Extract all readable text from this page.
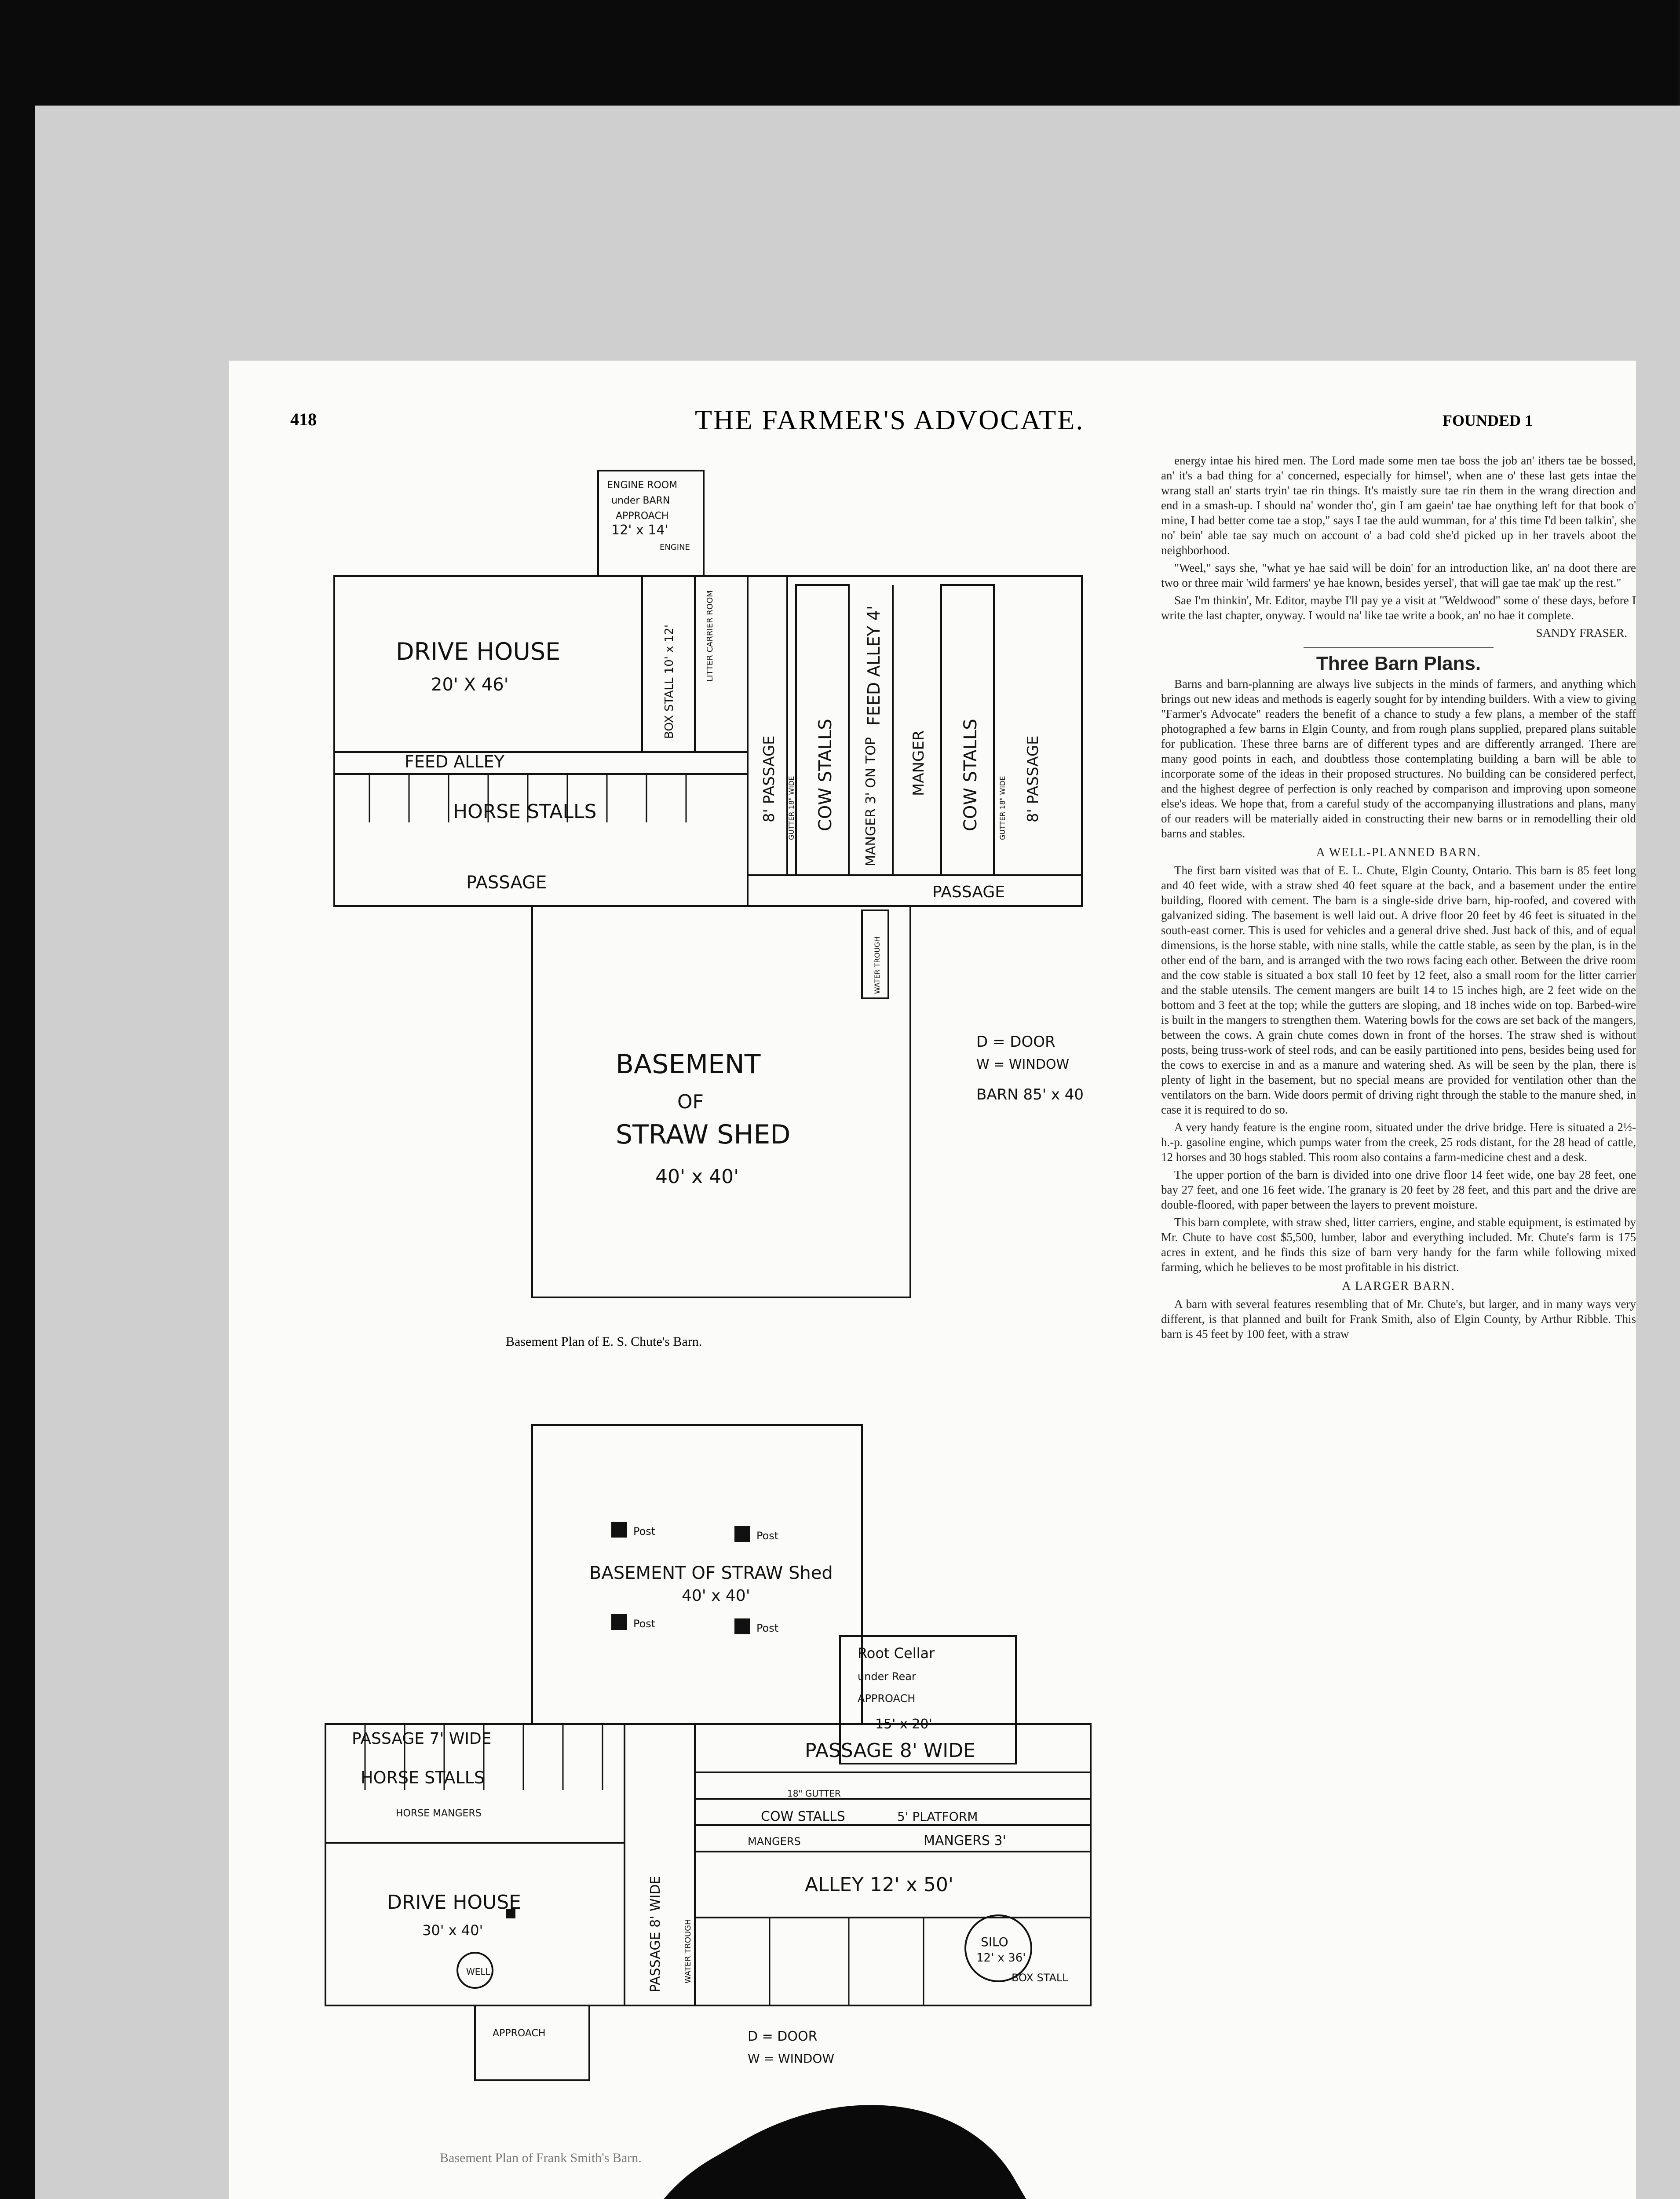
418	THE FARMER'S ADVOCATE.	FOUNDED 1
ENGINE ROOM
under BARN
APPROACH
12' x 14'
ENGINE
DRIVE HOUSE
20' X 46'	BOX STALL 10' x 12'	LITTER CARRIER ROOM
FEED ALLEY
HORSE STALLS
PASSAGE
8' PASSAGE COW STALLS MANGER 3' ON TOP
FEED ALLEY 4'
MANGER COW STALLS	8' PASSAGE
GUTTER 18" WIDE	GUTTER 18" WIDE
PASSAGE
WATER TROUGH
BASEMENT
OF
STRAW SHED
40' x 40'
D = DOOR
W = WINDOW
BARN 85' x 40
Basement Plan of E. S. Chute's Barn.
Post	Post
Post	Post
BASEMENT OF STRAW Shed
40' x 40'
Root Cellar
under Rear
APPROACH
15' x 20'
PASSAGE 7' WIDE
PASSAGE 8' WIDE
HORSE STALLS
HORSE MANGERS
18" GUTTER
COW STALLS	5' PLATFORM
MANGERS	MANGERS 3'
ALLEY 12' x 50'
DRIVE HOUSE
30' x 40'
WELL
SILO
12' x 36'
BOX STALL
PASSAGE 8' WIDE	WATER TROUGH
APPROACH	D = DOOR
W = WINDOW
Basement Plan of Frank Smith's Barn.

energy intae his hired men. The Lord made some men tae boss the job an' ithers tae be bossed, an' it's a bad thing for a' concerned, especially for himsel', when ane o' these last gets intae the wrang stall an' starts tryin' tae rin things. It's maistly sure tae rin them in the wrang direction and end in a smash-up. I should na' wonder tho', gin I am gaein' tae hae onything left for that book o' mine, I had better come tae a stop," says I tae the auld wumman, for a' this time I'd been talkin', she no' bein' able tae say much on account o' a bad cold she'd picked up in her travels aboot the neighborhood.

"Weel," says she, "what ye hae said will be doin' for an introduction like, an' na doot there are two or three mair 'wild farmers' ye hae known, besides yersel', that will gae tae mak' up the rest."

Sae I'm thinkin', Mr. Editor, maybe I'll pay ye a visit at "Weldwood" some o' these days, before I write the last chapter, onyway. I would na' like tae write a book, an' no hae it complete.

SANDY FRASER.
Three Barn Plans.

Barns and barn-planning are always live subjects in the minds of farmers, and anything which brings out new ideas and methods is eagerly sought for by intending builders. With a view to giving "Farmer's Advocate" readers the benefit of a chance to study a few plans, a member of the staff photographed a few barns in Elgin County, and from rough plans supplied, prepared plans suitable for publication. These three barns are of different types and are differently arranged. There are many good points in each, and doubtless those contemplating building a barn will be able to incorporate some of the ideas in their proposed structures. No building can be considered perfect, and the highest degree of perfection is only reached by comparison and improving upon someone else's ideas. We hope that, from a careful study of the accompanying illustrations and plans, many of our readers will be materially aided in constructing their new barns or in remodelling their old barns and stables.

A WELL-PLANNED BARN.

The first barn visited was that of E. L. Chute, Elgin County, Ontario. This barn is 85 feet long and 40 feet wide, with a straw shed 40 feet square at the back, and a basement under the entire building, floored with cement. The barn is a single-side drive barn, hip-roofed, and covered with galvanized siding. The basement is well laid out. A drive floor 20 feet by 46 feet is situated in the south-east corner. This is used for vehicles and a general drive shed. Just back of this, and of equal dimensions, is the horse stable, with nine stalls, while the cattle stable, as seen by the plan, is in the other end of the barn, and is arranged with the two rows facing each other. Between the drive room and the cow stable is situated a box stall 10 feet by 12 feet, also a small room for the litter carrier and the stable utensils. The cement mangers are built 14 to 15 inches high, are 2 feet wide on the bottom and 3 feet at the top; while the gutters are sloping, and 18 inches wide on top. Barbed-wire is built in the mangers to strengthen them. Watering bowls for the cows are set back of the mangers, between the cows. A grain chute comes down in front of the horses. The straw shed is without posts, being truss-work of steel rods, and can be easily partitioned into pens, besides being used for the cows to exercise in and as a manure and watering shed. As will be seen by the plan, there is plenty of light in the basement, but no special means are provided for ventilation other than the ventilators on the barn. Wide doors permit of driving right through the stable to the manure shed, in case it is required to do so.

A very handy feature is the engine room, situated under the drive bridge. Here is situated a 2½-h.-p. gasoline engine, which pumps water from the creek, 25 rods distant, for the 28 head of cattle, 12 horses and 30 hogs stabled. This room also contains a farm-medicine chest and a desk.

The upper portion of the barn is divided into one drive floor 14 feet wide, one bay 28 feet, one bay 27 feet, and one 16 feet wide. The granary is 20 feet by 28 feet, and this part and the drive are double-floored, with paper between the layers to prevent moisture.

This barn complete, with straw shed, litter carriers, engine, and stable equipment, is estimated by Mr. Chute to have cost $5,500, lumber, labor and everything included. Mr. Chute's farm is 175 acres in extent, and he finds this size of barn very handy for the farm while following mixed farming, which he believes to be most profitable in his district.

A LARGER BARN.

A barn with several features resembling that of Mr. Chute's, but larger, and in many ways very different, is that planned and built for Frank Smith, also of Elgin County, by Arthur Ribble. This barn is 45 feet by 100 feet, with a straw
